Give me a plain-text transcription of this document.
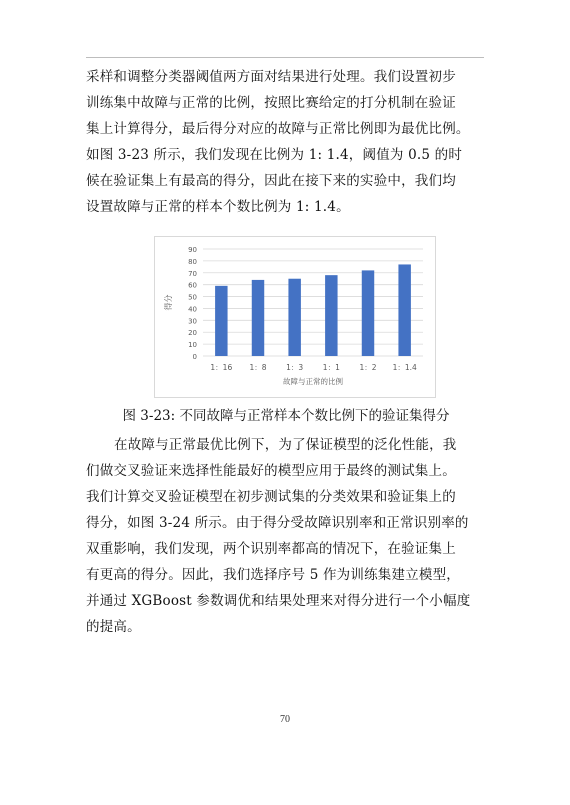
采样和调整分类器阈值两方面对结果进行处理。我们设置初步
训练集中故障与正常的比例，按照比赛给定的打分机制在验证
集上计算得分，最后得分对应的故障与正常比例即为最优比例。
如图 3-23 所示，我们发现在比例为 1: 1.4，阈值为 0.5 的时
候在验证集上有最高的得分，因此在接下来的实验中，我们均
设置故障与正常的样本个数比例为 1: 1.4。
0
10
20
30
40
50
60
70
80
90
1：16 1：8	1：3	1：1	1：2 1：1.4
故障与正常的比例
得分
图 3-23: 不同故障与正常样本个数比例下的验证集得分
在故障与正常最优比例下，为了保证模型的泛化性能，我
们做交叉验证来选择性能最好的模型应用于最终的测试集上。
我们计算交叉验证模型在初步测试集的分类效果和验证集上的
得分，如图 3-24 所示。由于得分受故障识别率和正常识别率的
双重影响，我们发现，两个识别率都高的情况下，在验证集上
有更高的得分。因此，我们选择序号 5 作为训练集建立模型，
并通过 XGBoost 参数调优和结果处理来对得分进行一个小幅度
的提高。
70
